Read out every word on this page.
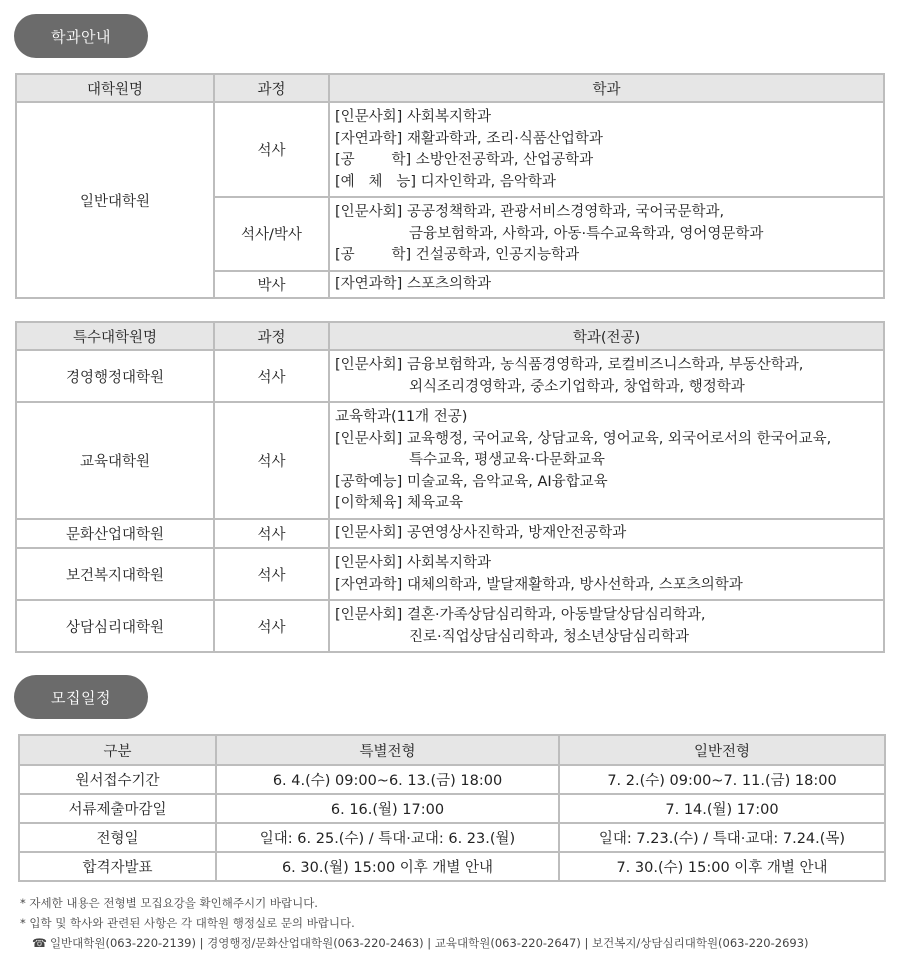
학과안내
대학원명	과정	학과
일반대학원	석사	[인문사회] 사회복지학과
[자연과학] 재활과학과, 조리·식품산업학과
[공        학] 소방안전공학과, 산업공학과
[예   체   능] 디자인학과, 음악학과

	석사/박사	[인문사회] 공공정책학과, 관광서비스경영학과, 국어국문학과,
금융보험학과, 사학과, 아동·특수교육학과, 영어영문학과
[공        학] 건설공학과, 인공지능학과

	박사	[자연과학] 스포츠의학과
특수대학원명	과정	학과(전공)
경영행정대학원	석사	[인문사회] 금융보험학과, 농식품경영학과, 로컬비즈니스학과, 부동산학과,
외식조리경영학과, 중소기업학과, 창업학과, 행정학과

교육대학원	석사	교육학과(11개 전공)
[인문사회] 교육행정, 국어교육, 상담교육, 영어교육, 외국어로서의 한국어교육,
특수교육, 평생교육·다문화교육
[공학예능] 미술교육, 음악교육, AI융합교육
[이학체육] 체육교육

문화산업대학원	석사	[인문사회] 공연영상사진학과, 방재안전공학과

보건복지대학원	석사	[인문사회] 사회복지학과
[자연과학] 대체의학과, 발달재활학과, 방사선학과, 스포츠의학과

상담심리대학원	석사	[인문사회] 결혼·가족상담심리학과, 아동발달상담심리학과,
진로·직업상담심리학과, 청소년상담심리학과
모집일정
구분	특별전형	일반전형
원서접수기간	6. 4.(수) 09:00~6. 13.(금) 18:00	7. 2.(수) 09:00~7. 11.(금) 18:00
서류제출마감일	6. 16.(월) 17:00	7. 14.(월) 17:00
전형일	일대: 6. 25.(수) / 특대·교대: 6. 23.(월)	일대: 7.23.(수) / 특대·교대: 7.24.(목)
합격자발표	6. 30.(월) 15:00 이후 개별 안내	7. 30.(수) 15:00 이후 개별 안내
* 자세한 내용은 전형별 모집요강을 확인해주시기 바랍니다.
* 입학 및 학사와 관련된 사항은 각 대학원 행정실로 문의 바랍니다.
☎ 일반대학원(063-220-2139) | 경영행정/문화산업대학원(063-220-2463) | 교육대학원(063-220-2647) | 보건복지/상담심리대학원(063-220-2693)
